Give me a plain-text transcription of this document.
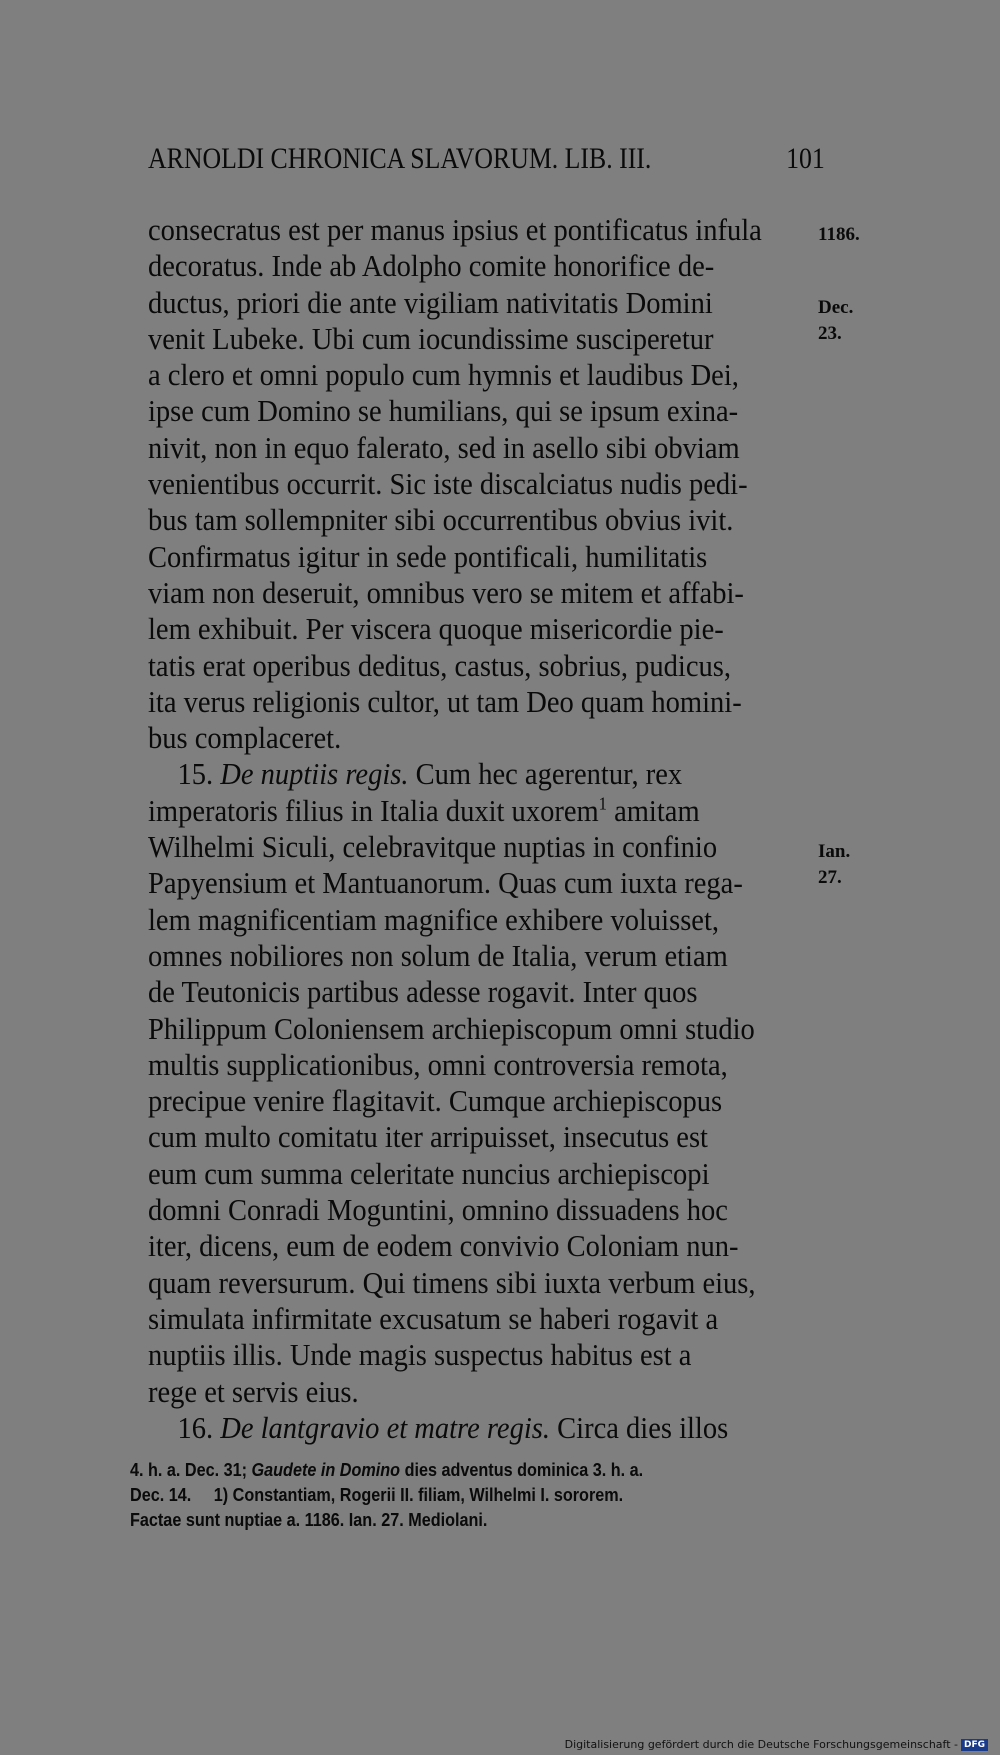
ARNOLDI CHRONICA SLAVORUM. LIB. III.	101
1186.
Dec.
23.
Ian.
27.
consecratus est per manus ipsius et pontificatus infula
decoratus. Inde ab Adolpho comite honorifice de-
ductus, priori die ante vigiliam nativitatis Domini
venit Lubeke. Ubi cum iocundissime susciperetur
a clero et omni populo cum hymnis et laudibus Dei,
ipse cum Domino se humilians, qui se ipsum exina-
nivit, non in equo falerato, sed in asello sibi obviam
venientibus occurrit. Sic iste discalciatus nudis pedi-
bus tam sollempniter sibi occurrentibus obvius ivit.
Confirmatus igitur in sede pontificali, humilitatis
viam non deseruit, omnibus vero se mitem et affabi-
lem exhibuit. Per viscera quoque misericordie pie-
tatis erat operibus deditus, castus, sobrius, pudicus,
ita verus religionis cultor, ut tam Deo quam homini-
bus complaceret.
15. De nuptiis regis. Cum hec agerentur, rex
imperatoris filius in Italia duxit uxorem$^1$ amitam
Wilhelmi Siculi, celebravitque nuptias in confinio
Papyensium et Mantuanorum. Quas cum iuxta rega-
lem magnificentiam magnifice exhibere voluisset,
omnes nobiliores non solum de Italia, verum etiam
de Teutonicis partibus adesse rogavit. Inter quos
Philippum Coloniensem archiepiscopum omni studio
multis supplicationibus, omni controversia remota,
precipue venire flagitavit. Cumque archiepiscopus
cum multo comitatu iter arripuisset, insecutus est
eum cum summa celeritate nuncius archiepiscopi
domni Conradi Moguntini, omnino dissuadens hoc
iter, dicens, eum de eodem convivio Coloniam nun-
quam reversurum. Qui timens sibi iuxta verbum eius,
simulata infirmitate excusatum se haberi rogavit a
nuptiis illis. Unde magis suspectus habitus est a
rege et servis eius.
16. De lantgravio et matre regis. Circa dies illos
4. h. a. Dec. 31; Gaudete in Domino dies adventus dominica 3. h. a.
Dec. 14.     1) Constantiam, Rogerii II. filiam, Wilhelmi I. sororem.
Factae sunt nuptiae a. 1186. Ian. 27. Mediolani.
Digitalisierung gefördert durch die Deutsche Forschungsgemeinschaft - DFG
